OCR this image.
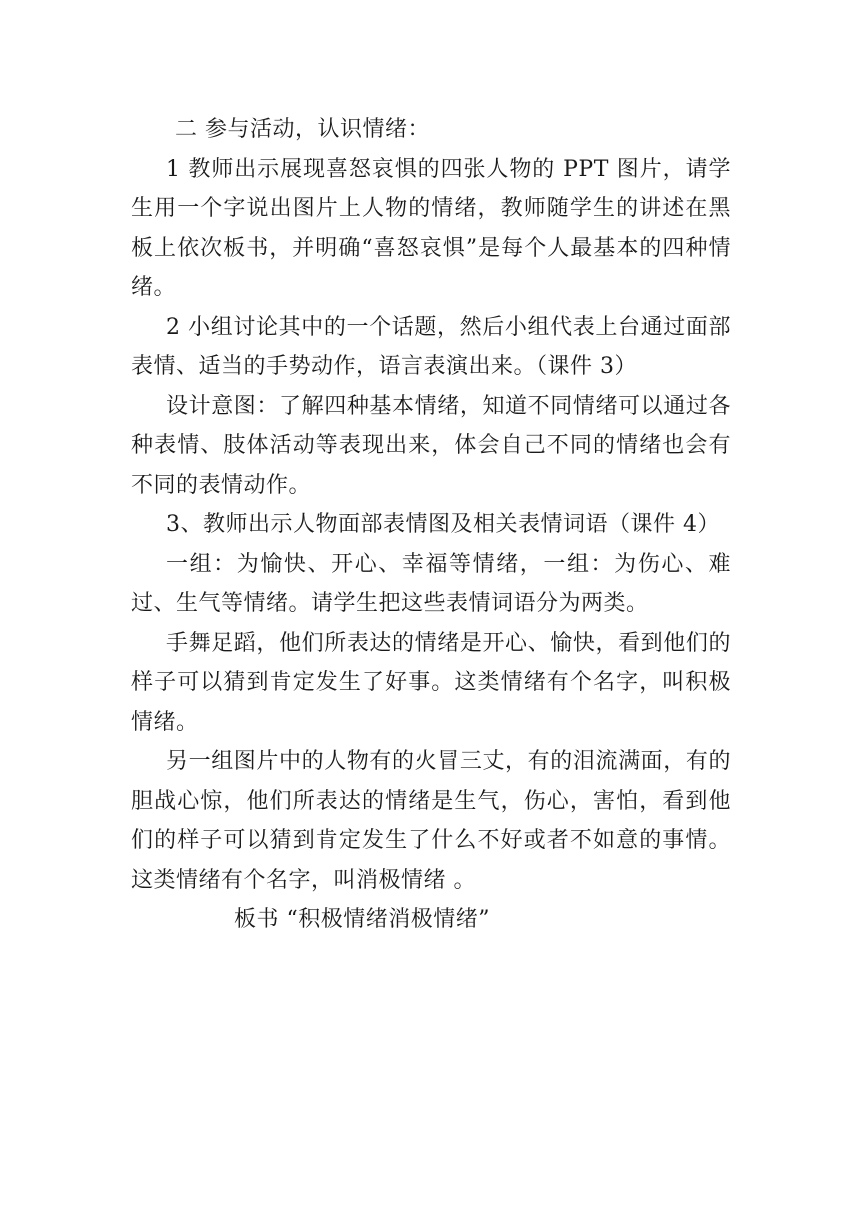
二 参与活动，认识情绪：

1 教师出示展现喜怒哀惧的四张人物的 PPT 图片，请学生用一个字说出图片上人物的情绪，教师随学生的讲述在黑板上依次板书，并明确“喜怒哀惧”是每个人最基本的四种情绪。

2 小组讨论其中的一个话题，然后小组代表上台通过面部表情、适当的手势动作，语言表演出来。（课件 3）

设计意图：了解四种基本情绪，知道不同情绪可以通过各种表情、肢体活动等表现出来，体会自己不同的情绪也会有不同的表情动作。

3、教师出示人物面部表情图及相关表情词语（课件 4）

一组：为愉快、开心、幸福等情绪，一组：为伤心、难过、生气等情绪。请学生把这些表情词语分为两类。

手舞足蹈，他们所表达的情绪是开心、愉快，看到他们的样子可以猜到肯定发生了好事。这类情绪有个名字，叫积极情绪。

另一组图片中的人物有的火冒三丈，有的泪流满面，有的胆战心惊，他们所表达的情绪是生气，伤心，害怕，看到他们的样子可以猜到肯定发生了什么不好或者不如意的事情。这类情绪有个名字，叫消极情绪 。

板书 “积极情绪消极情绪”
